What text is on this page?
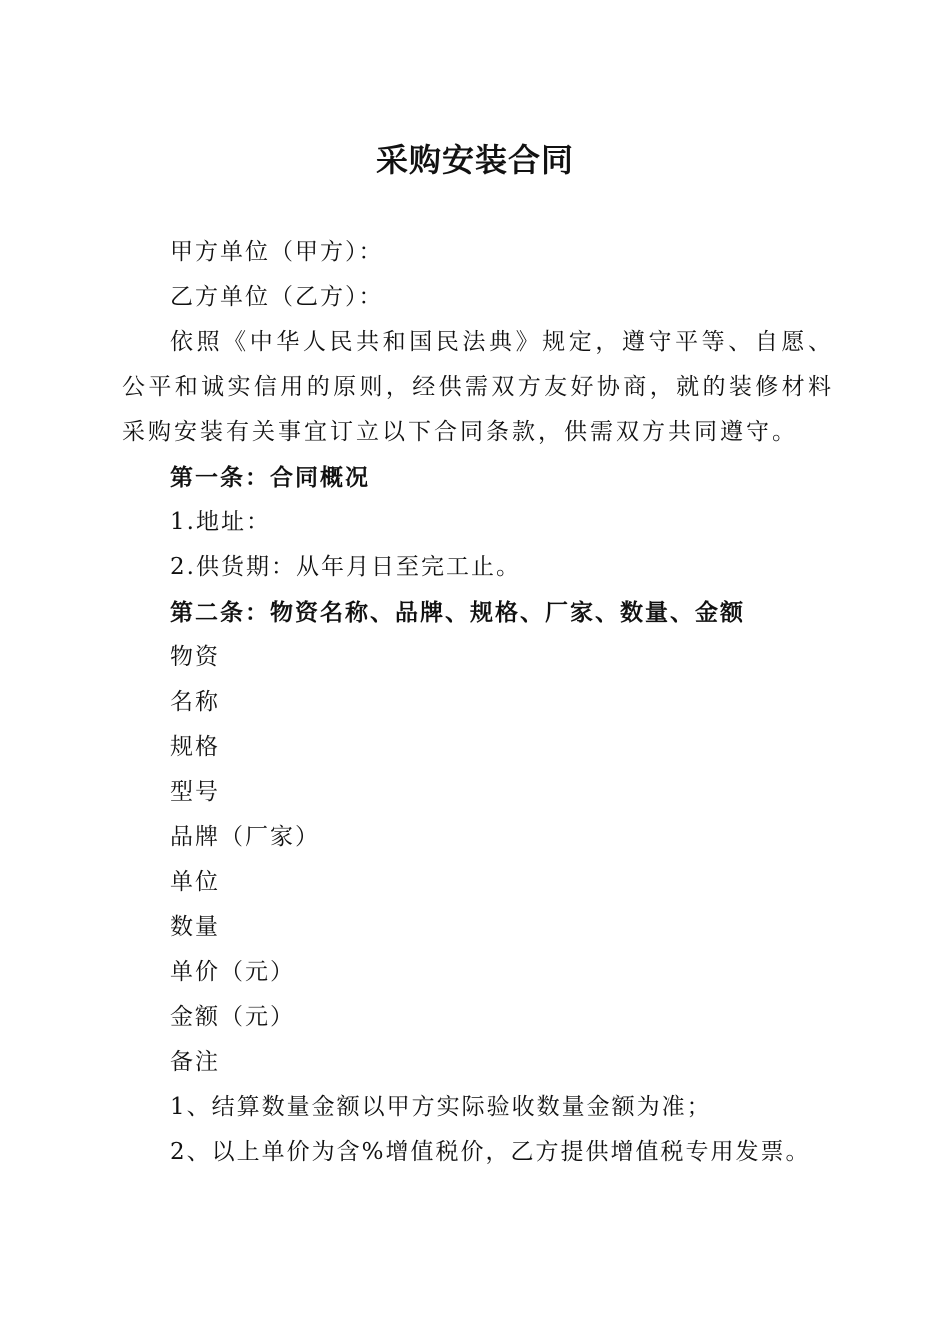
采购安装合同

甲方单位（甲方）：

乙方单位（乙方）：

依照《中华人民共和国民法典》规定，遵守平等、自愿、公平和诚实信用的原则，经供需双方友好协商，就的装修材料采购安装有关事宜订立以下合同条款，供需双方共同遵守。

第一条：合同概况

1.地址：

2.供货期：从年月日至完工止。

第二条：物资名称、品牌、规格、厂家、数量、金额

物资

名称

规格

型号

品牌（厂家）

单位

数量

单价（元）

金额（元）

备注

1、结算数量金额以甲方实际验收数量金额为准；

2、以上单价为含%增值税价，乙方提供增值税专用发票。
